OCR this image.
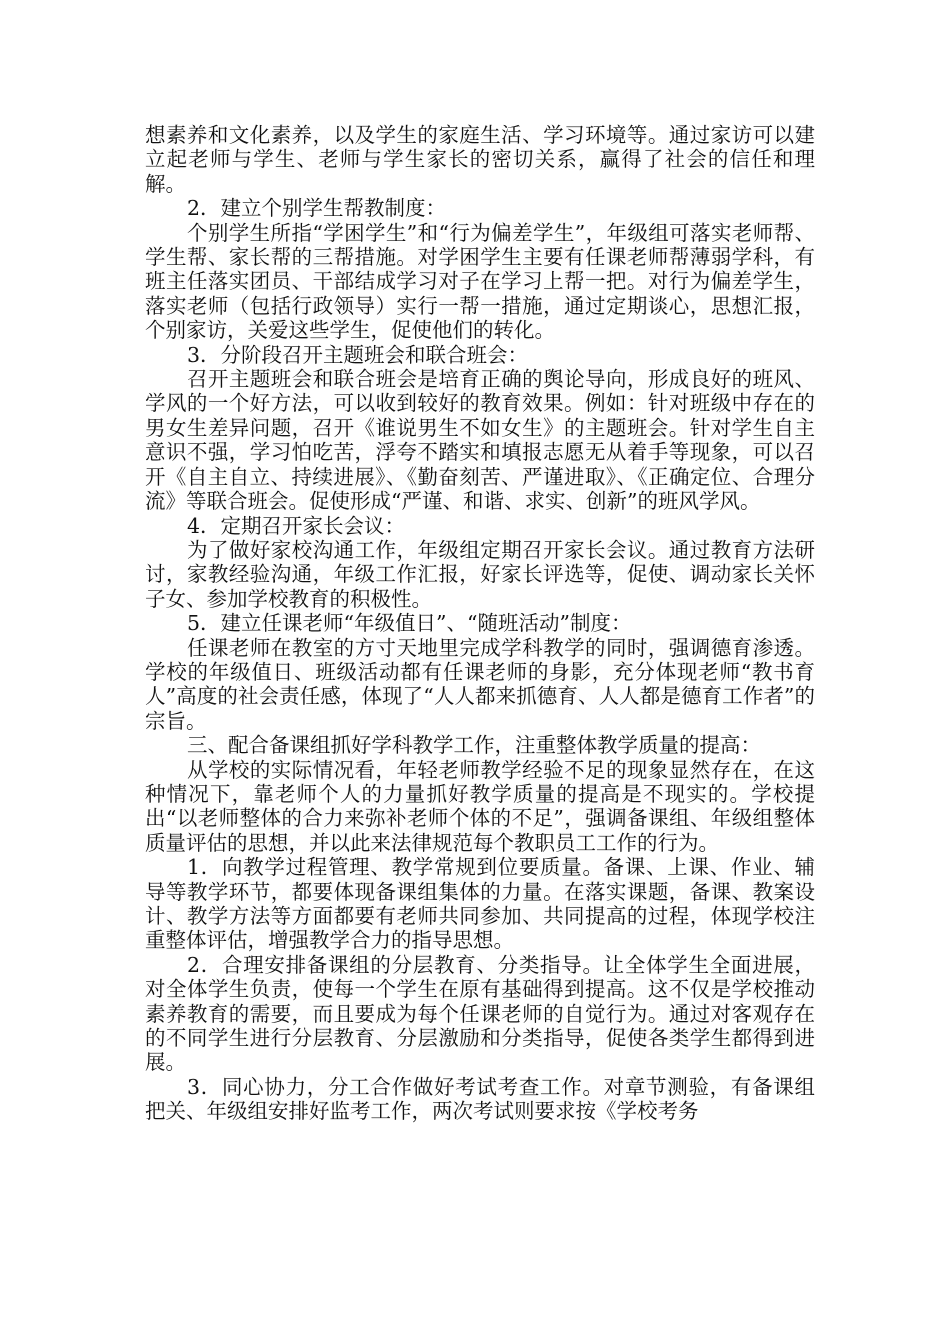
想素养和文化素养，以及学生的家庭生活、学习环境等。通过家访可以建立起老师与学生、老师与学生家长的密切关系，赢得了社会的信任和理解。

2．建立个别学生帮教制度：

个别学生所指“学困学生”和“行为偏差学生”，年级组可落实老师帮、学生帮、家长帮的三帮措施。对学困学生主要有任课老师帮薄弱学科，有班主任落实团员、干部结成学习对子在学习上帮一把。对行为偏差学生，落实老师（包括行政领导）实行一帮一措施，通过定期谈心，思想汇报，个别家访，关爱这些学生，促使他们的转化。

3．分阶段召开主题班会和联合班会：

召开主题班会和联合班会是培育正确的舆论导向，形成良好的班风、学风的一个好方法，可以收到较好的教育效果。例如：针对班级中存在的男女生差异问题，召开《谁说男生不如女生》的主题班会。针对学生自主意识不强，学习怕吃苦，浮夸不踏实和填报志愿无从着手等现象，可以召开《自主自立、持续进展》、《勤奋刻苦、严谨进取》、《正确定位、合理分流》等联合班会。促使形成“严谨、和谐、求实、创新”的班风学风。

4．定期召开家长会议：

为了做好家校沟通工作，年级组定期召开家长会议。通过教育方法研讨，家教经验沟通，年级工作汇报，好家长评选等，促使、调动家长关怀子女、参加学校教育的积极性。

5．建立任课老师“年级值日”、“随班活动”制度：

任课老师在教室的方寸天地里完成学科教学的同时，强调德育渗透。学校的年级值日、班级活动都有任课老师的身影，充分体现老师“教书育人”高度的社会责任感，体现了“人人都来抓德育、人人都是德育工作者”的宗旨。

三、配合备课组抓好学科教学工作，注重整体教学质量的提高：

从学校的实际情况看，年轻老师教学经验不足的现象显然存在，在这种情况下，靠老师个人的力量抓好教学质量的提高是不现实的。学校提出“以老师整体的合力来弥补老师个体的不足”，强调备课组、年级组整体质量评估的思想，并以此来法律规范每个教职员工工作的行为。

1．向教学过程管理、教学常规到位要质量。备课、上课、作业、辅导等教学环节，都要体现备课组集体的力量。在落实课题，备课、教案设计、教学方法等方面都要有老师共同参加、共同提高的过程，体现学校注重整体评估，增强教学合力的指导思想。

2．合理安排备课组的分层教育、分类指导。让全体学生全面进展，对全体学生负责，使每一个学生在原有基础得到提高。这不仅是学校推动素养教育的需要，而且要成为每个任课老师的自觉行为。通过对客观存在的不同学生进行分层教育、分层激励和分类指导，促使各类学生都得到进展。

3．同心协力，分工合作做好考试考查工作。对章节测验，有备课组把关、年级组安排好监考工作，两次考试则要求按《学校考务
